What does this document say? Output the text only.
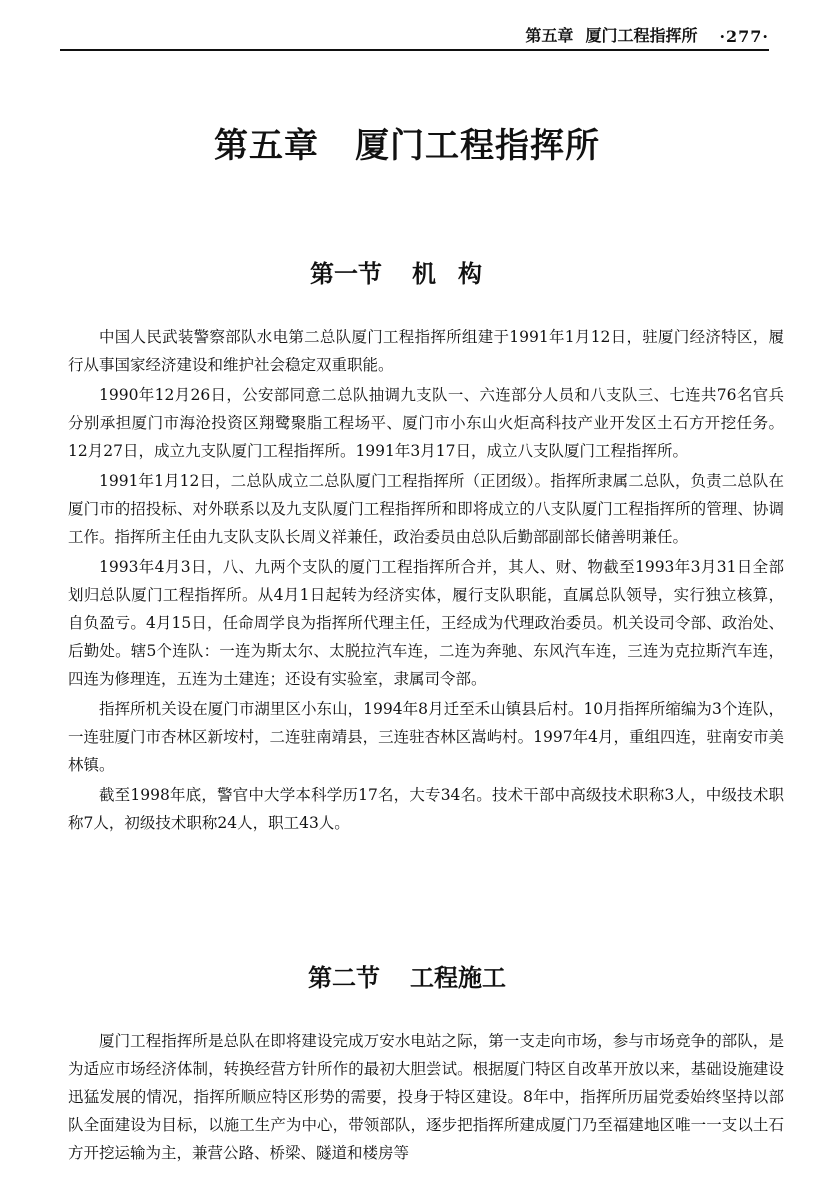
第五章 厦门工程指挥所 ·277·
第五章 厦门工程指挥所
第一节 机构

中国人民武装警察部队水电第二总队厦门工程指挥所组建于1991年1月12日，驻厦门经济特区，履行从事国家经济建设和维护社会稳定双重职能。

1990年12月26日，公安部同意二总队抽调九支队一、六连部分人员和八支队三、七连共76名官兵分别承担厦门市海沧投资区翔鹭聚脂工程场平、厦门市小东山火炬高科技产业开发区土石方开挖任务。12月27日，成立九支队厦门工程指挥所。1991年3月17日，成立八支队厦门工程指挥所。

1991年1月12日，二总队成立二总队厦门工程指挥所（正团级）。指挥所隶属二总队，负责二总队在厦门市的招投标、对外联系以及九支队厦门工程指挥所和即将成立的八支队厦门工程指挥所的管理、协调工作。指挥所主任由九支队支队长周义祥兼任，政治委员由总队后勤部副部长储善明兼任。

1993年4月3日，八、九两个支队的厦门工程指挥所合并，其人、财、物截至1993年3月31日全部划归总队厦门工程指挥所。从4月1日起转为经济实体，履行支队职能，直属总队领导，实行独立核算，自负盈亏。4月15日，任命周学良为指挥所代理主任，王经成为代理政治委员。机关设司令部、政治处、后勤处。辖5个连队：一连为斯太尔、太脱拉汽车连，二连为奔驰、东风汽车连，三连为克拉斯汽车连，四连为修理连，五连为土建连；还设有实验室，隶属司令部。

指挥所机关设在厦门市湖里区小东山，1994年8月迁至禾山镇县后村。10月指挥所缩编为3个连队，一连驻厦门市杏林区新垵村，二连驻南靖县，三连驻杏林区嵩屿村。1997年4月，重组四连，驻南安市美林镇。

截至1998年底，警官中大学本科学历17名，大专34名。技术干部中高级技术职称3人，中级技术职称7人，初级技术职称24人，职工43人。

第二节 工程施工

厦门工程指挥所是总队在即将建设完成万安水电站之际，第一支走向市场，参与市场竞争的部队，是为适应市场经济体制，转换经营方针所作的最初大胆尝试。根据厦门特区自改革开放以来，基础设施建设迅猛发展的情况，指挥所顺应特区形势的需要，投身于特区建设。8年中，指挥所历届党委始终坚持以部队全面建设为目标，以施工生产为中心，带领部队，逐步把指挥所建成厦门乃至福建地区唯一一支以土石方开挖运输为主，兼营公路、桥梁、隧道和楼房等
